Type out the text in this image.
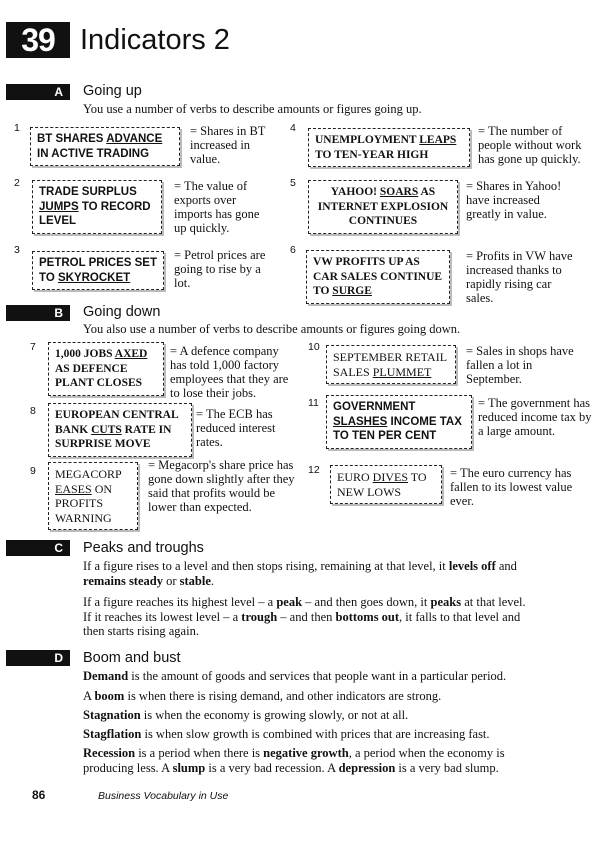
39 Indicators 2
A	Going up
You use a number of verbs to describe amounts or figures going up.
1
BT SHARES ADVANCE IN ACTIVE TRADING
= Shares in BT increased in value.
2
TRADE SURPLUS JUMPS TO RECORD LEVEL
= The value of exports over imports has gone up quickly.
3
PETROL PRICES SET TO SKYROCKET
= Petrol prices are going to rise by a lot.
4
UNEMPLOYMENT LEAPS TO TEN-YEAR HIGH
= The number of people without work has gone up quickly.
5
YAHOO! SOARS AS INTERNET EXPLOSION CONTINUES
= Shares in Yahoo! have increased greatly in value.
6
VW PROFITS UP AS CAR SALES CONTINUE TO SURGE
= Profits in VW have increased thanks to rapidly rising car sales.
B	Going down
You also use a number of verbs to describe amounts or figures going down.
7
1,000 JOBS AXED AS DEFENCE PLANT CLOSES
= A defence company has told 1,000 factory employees that they are to lose their jobs.
8	EUROPEAN CENTRAL BANK CUTS RATE IN SURPRISE MOVE
= The ECB has reduced interest rates.
9	MEGACORP EASES ON PROFITS WARNING
= Megacorp's share price has gone down slightly after they said that profits would be lower than expected.
10
SEPTEMBER RETAIL SALES PLUMMET
= Sales in shops have fallen a lot in September.
11	GOVERNMENT SLASHES INCOME TAX TO TEN PER CENT
= The government has reduced income tax by a large amount.
12	EURO DIVES TO NEW LOWS
= The euro currency has fallen to its lowest value ever.
C	Peaks and troughs
If a figure rises to a level and then stops rising, remaining at that level, it levels off and remains steady or stable.
If a figure reaches its highest level – a peak – and then goes down, it peaks at that level. If it reaches its lowest level – a trough – and then bottoms out, it falls to that level and then starts rising again.
D	Boom and bust
Demand is the amount of goods and services that people want in a particular period.
A boom is when there is rising demand, and other indicators are strong.
Stagnation is when the economy is growing slowly, or not at all.
Stagflation is when slow growth is combined with prices that are increasing fast.
Recession is a period when there is negative growth, a period when the economy is producing less. A slump is a very bad recession. A depression is a very bad slump.
86	Business Vocabulary in Use
